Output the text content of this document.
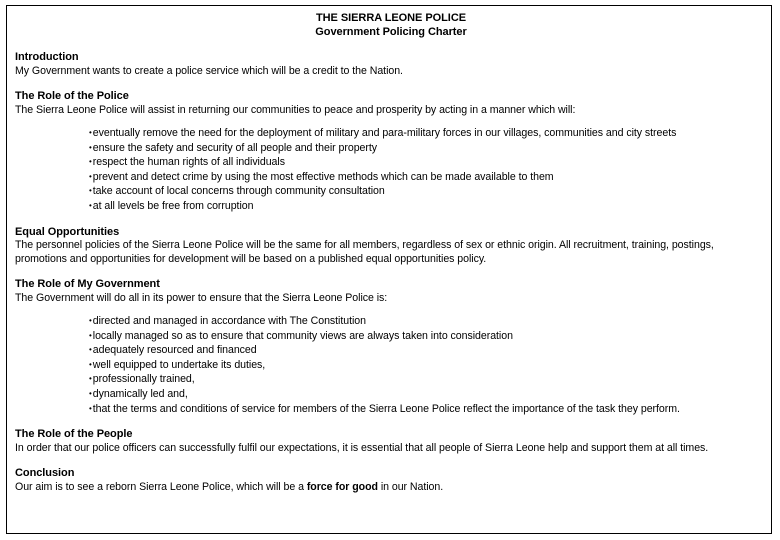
THE SIERRA LEONE POLICE
Government Policing Charter
Introduction
My Government wants to create a police service which will be a credit to the Nation.
The Role of the Police
The Sierra Leone Police will assist in returning our communities to peace and prosperity by acting in a manner which will:
• eventually remove the need for the deployment of military and para-military forces in our villages, communities and city streets
• ensure the safety and security of all people and their property
• respect the human rights of all individuals
• prevent and detect crime by using the most effective methods which can be made available to them
• take account of local concerns through community consultation
• at all levels be free from corruption
Equal Opportunities
The personnel policies of the Sierra Leone Police will be the same for all members, regardless of sex or ethnic origin. All recruitment, training, postings, promotions and opportunities for development will be based on a published equal opportunities policy.
The Role of My Government
The Government will do all in its power to ensure that the Sierra Leone Police is:
• directed and managed in accordance with The Constitution
• locally managed so as to ensure that community views are always taken into consideration
• adequately resourced and financed
• well equipped to undertake its duties,
• professionally trained,
• dynamically led and,
• that the terms and conditions of service for members of the Sierra Leone Police reflect the importance of the task they perform.
The Role of the People
In order that our police officers can successfully fulfil our expectations, it is essential that all people of Sierra Leone help and support them at all times.
Conclusion
Our aim is to see a reborn Sierra Leone Police, which will be a force for good in our Nation.
